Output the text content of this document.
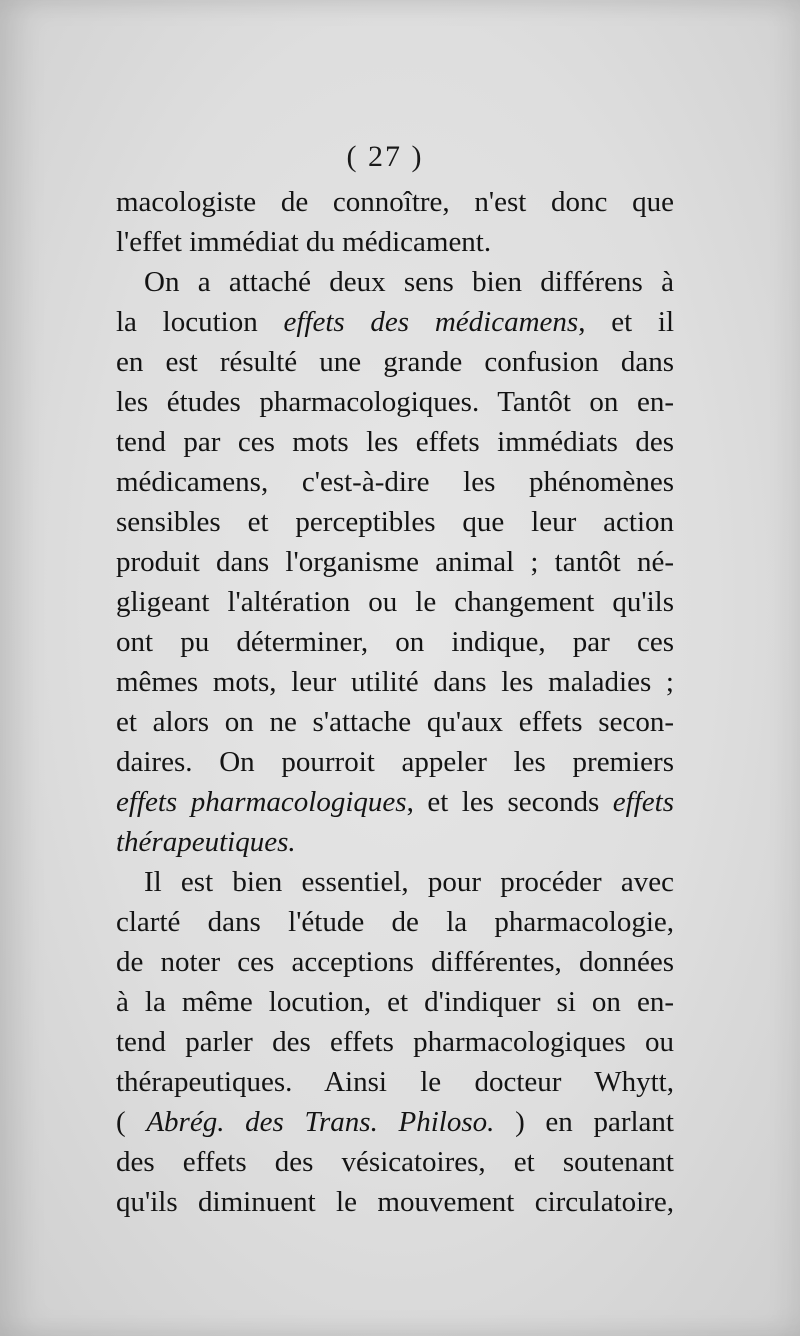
( 27 )
macologiste de connoître, n'est donc que
l'effet immédiat du médicament.
On a attaché deux sens bien différens à
la locution effets des médicamens, et il
en est résulté une grande confusion dans
les études pharmacologiques. Tantôt on en-
tend par ces mots les effets immédiats des
médicamens, c'est-à-dire les phénomènes
sensibles et perceptibles que leur action
produit dans l'organisme animal ; tantôt né-
gligeant l'altération ou le changement qu'ils
ont pu déterminer, on indique, par ces
mêmes mots, leur utilité dans les maladies ;
et alors on ne s'attache qu'aux effets secon-
daires. On pourroit appeler les premiers
effets pharmacologiques, et les seconds effets
thérapeutiques.
Il est bien essentiel, pour procéder avec
clarté dans l'étude de la pharmacologie,
de noter ces acceptions différentes, données
à la même locution, et d'indiquer si on en-
tend parler des effets pharmacologiques ou
thérapeutiques. Ainsi le docteur Whytt,
( Abrég. des Trans. Philoso. ) en parlant
des effets des vésicatoires, et soutenant
qu'ils diminuent le mouvement circulatoire,
